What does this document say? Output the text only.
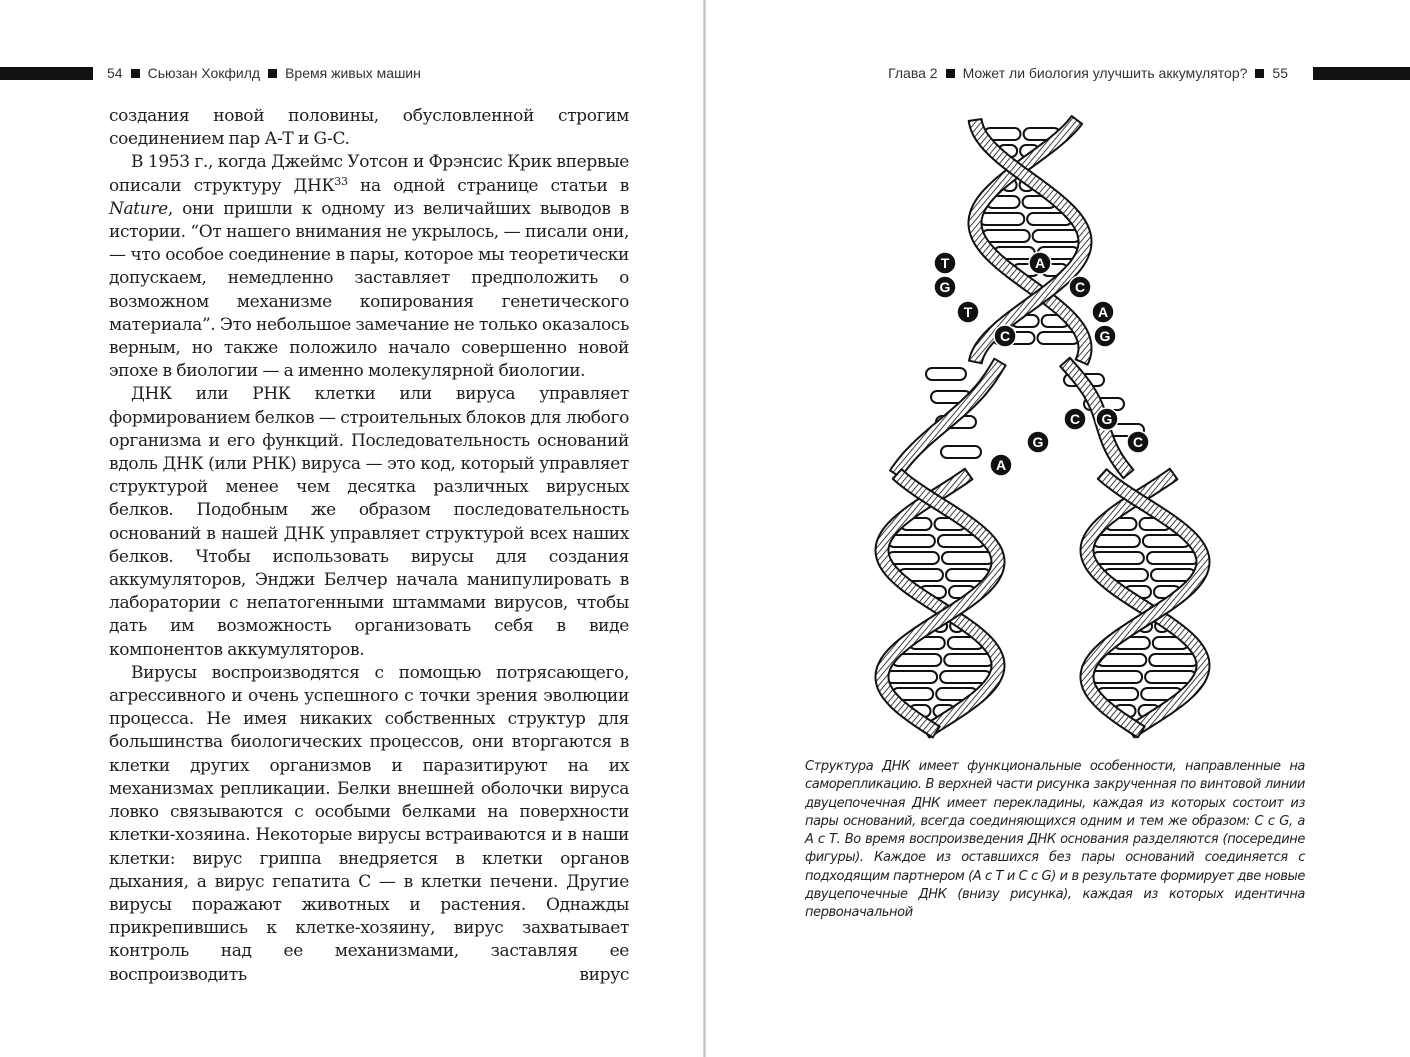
54 Сьюзан Хокфилд Время живых машин

создания новой половины, обусловленной строгим соединением пар А-Т и G-C.

В 1953 г., когда Джеймс Уотсон и Фрэнсис Крик впервые описали структуру ДНК$^{33}$ на одной странице статьи в Nature, они пришли к одному из величайших выводов в истории. “От нашего внимания не укрылось, — писали они, — что особое соединение в пары, которое мы теоретически допускаем, немедленно заставляет предположить о возможном механизме копирования генетического материала”. Это небольшое замечание не только оказалось верным, но также положило начало совершенно новой эпохе в биологии — а именно молекулярной биологии.

ДНК или РНК клетки или вируса управляет формированием белков — строительных блоков для любого организма и его функций. Последовательность оснований вдоль ДНК (или РНК) вируса — это код, который управляет структурой менее чем десятка различных вирусных белков. Подобным же образом последовательность оснований в нашей ДНК управляет структурой всех наших белков. Чтобы использовать вирусы для создания аккумуляторов, Энджи Белчер начала манипулировать в лаборатории с непатогенными штаммами вирусов, чтобы дать им возможность организовать себя в виде компонентов аккумуляторов.

Вирусы воспроизводятся с помощью потрясающего, агрессивного и очень успешного с точки зрения эволюции процесса. Не имея никаких собственных структур для большинства биологических процессов, они вторгаются в клетки других организмов и паразитируют на их механизмах репликации. Белки внешней оболочки вируса ловко связываются с особыми белками на поверхности клетки-хозяина. Некоторые вирусы встраиваются и в наши клетки: вирус гриппа внедряется в клетки органов дыхания, а вирус гепатита С — в клетки печени. Другие вирусы поражают животных и растения. Однажды прикрепившись к клетке-хозяину, вирус захватывает контроль над ее механизмами, заставляя ее воспроизводить вирус

Глава 2 Может ли биология улучшить аккумулятор? 55
T	A
G	C
T	A
C	G
C G
G	C
A
Структура ДНК имеет функциональные особенности, направленные на саморепликацию. В верхней части рисунка закрученная по винтовой линии двуцепочечная ДНК имеет перекладины, каждая из которых состоит из пары оснований, всегда соединяющихся одним и тем же образом: С с G, а А с Т. Во время воспроизведения ДНК основания разделяются (посередине фигуры). Каждое из оставшихся без пары оснований соединяется с подходящим партнером (А с Т и С с G) и в результате формирует две новые двуцепочечные ДНК (внизу рисунка), каждая из которых идентична первоначальной
